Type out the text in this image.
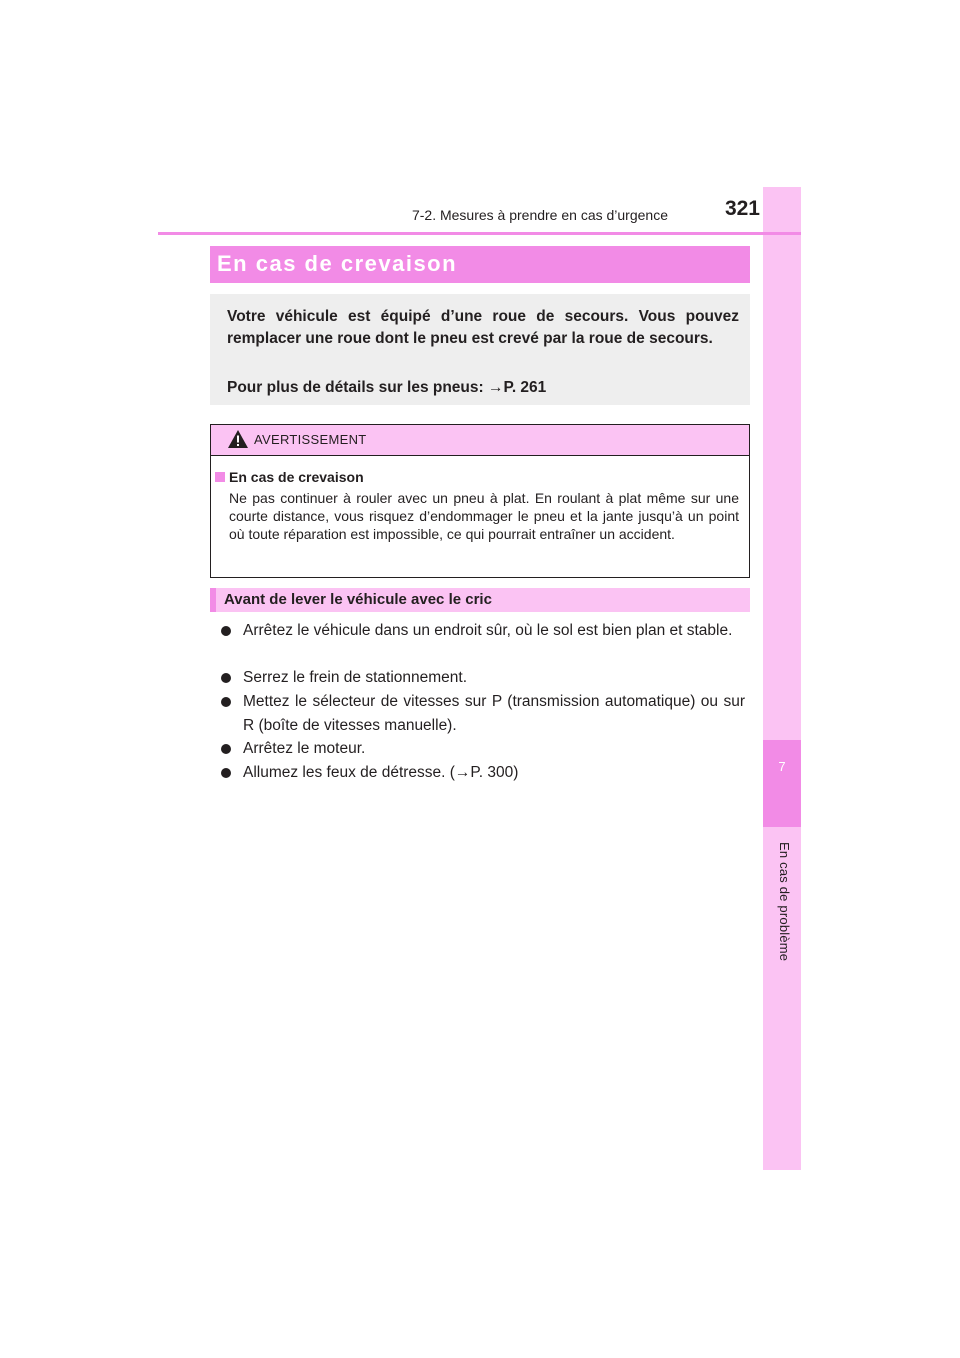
7
En cas de problème
7-2. Mesures à prendre en cas d’urgence	321
En cas de crevaison

Votre véhicule est équipé d’une roue de secours. Vous pouvez remplacer une roue dont le pneu est crevé par la roue de secours.

Pour plus de détails sur les pneus: →P. 261

AVERTISSEMENT
En cas de crevaison

Ne pas continuer à rouler avec un pneu à plat. En roulant à plat même sur une courte distance, vous risquez d’endommager le pneu et la jante jusqu’à un point où toute réparation est impossible, ce qui pourrait entraîner un accident.

Avant de lever le véhicule avec le cric

Arrêtez le véhicule dans un endroit sûr, où le sol est bien plan et stable.

Serrez le frein de stationnement.

Mettez le sélecteur de vitesses sur P (transmission automatique) ou sur R (boîte de vitesses manuelle).

Arrêtez le moteur.

Allumez les feux de détresse. (→P. 300)
